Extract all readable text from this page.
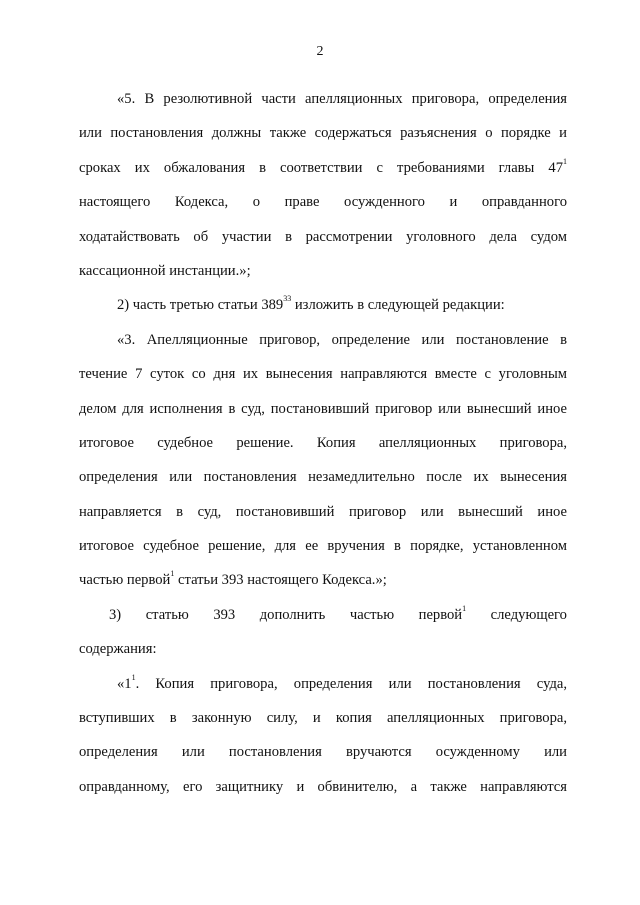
2
«5. В резолютивной части апелляционных приговора, определения
или постановления должны также содержаться разъяснения о порядке и
сроках их обжалования в соответствии с требованиями главы $47^1$
настоящего Кодекса, о праве осужденного и оправданного
ходатайствовать об участии в рассмотрении уголовного дела судом
кассационной инстанции.»;
2) часть третью статьи $389^{33}$ изложить в следующей редакции:
«3. Апелляционные приговор, определение или постановление в
течение 7 суток со дня их вынесения направляются вместе с уголовным
делом для исполнения в суд, постановивший приговор или вынесший иное
итоговое судебное решение. Копия апелляционных приговора,
определения или постановления незамедлительно после их вынесения
направляется в суд, постановивший приговор или вынесший иное
итоговое судебное решение, для ее вручения в порядке, установленном
частью первой$^1$ статьи 393 настоящего Кодекса.»;
3) статью 393 дополнить частью первой$^1$ следующего
содержания:
«$1^1$. Копия приговора, определения или постановления суда,
вступивших в законную силу, и копия апелляционных приговора,
определения или постановления вручаются осужденному или
оправданному, его защитнику и обвинителю, а также направляются
